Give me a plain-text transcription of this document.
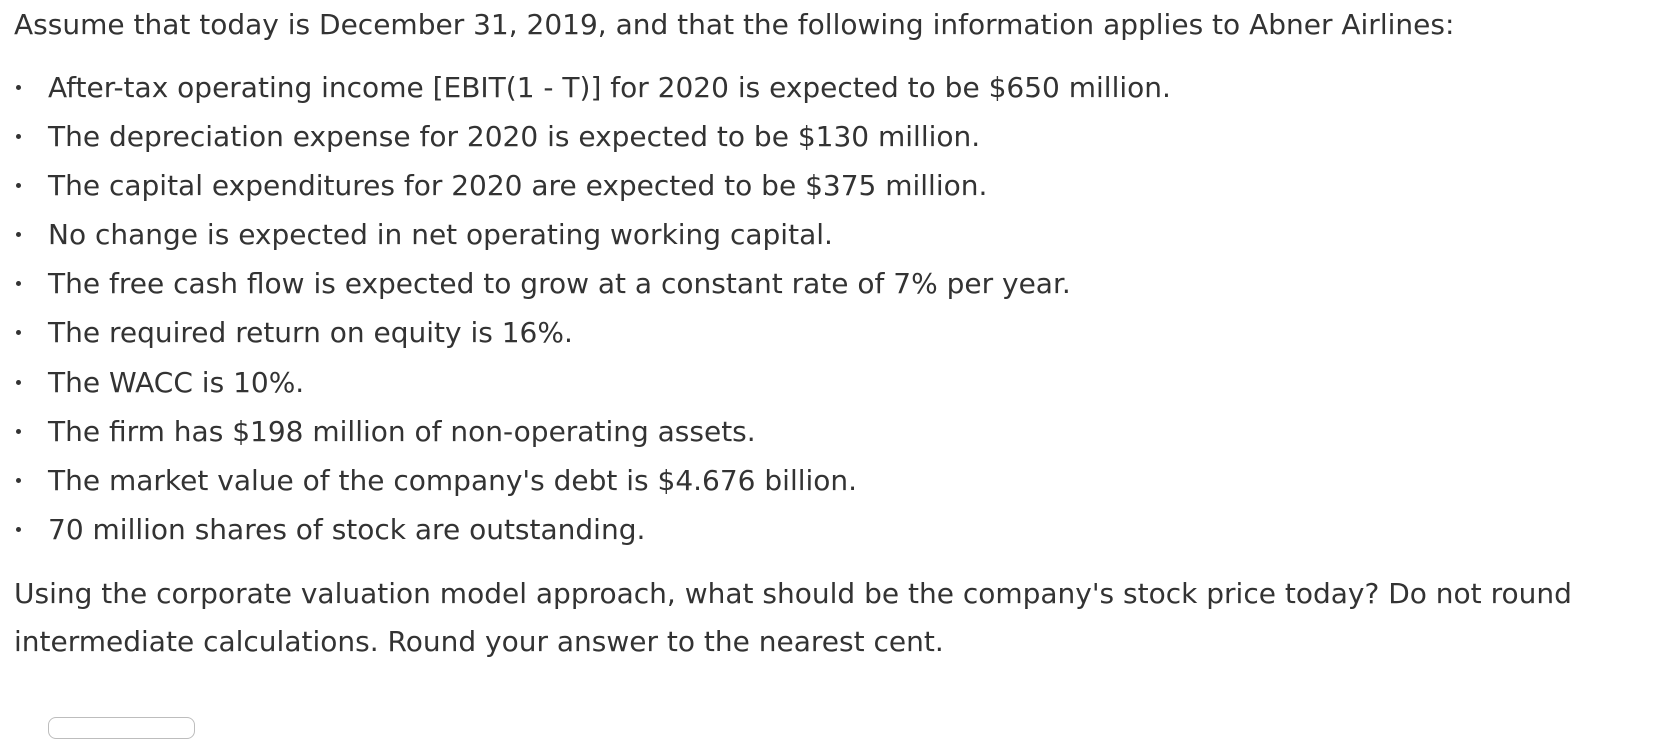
Assume that today is December 31, 2019, and that the following information applies to Abner Airlines:

After-tax operating income [EBIT(1 - T)] for 2020 is expected to be $650 million.
The depreciation expense for 2020 is expected to be $130 million.
The capital expenditures for 2020 are expected to be $375 million.
No change is expected in net operating working capital.
The free cash flow is expected to grow at a constant rate of 7% per year.
The required return on equity is 16%.
The WACC is 10%.
The firm has $198 million of non-operating assets.
The market value of the company's debt is $4.676 billion.
70 million shares of stock are outstanding.

Using the corporate valuation model approach, what should be the company's stock price today? Do not round intermediate calculations. Round your answer to the nearest cent.
